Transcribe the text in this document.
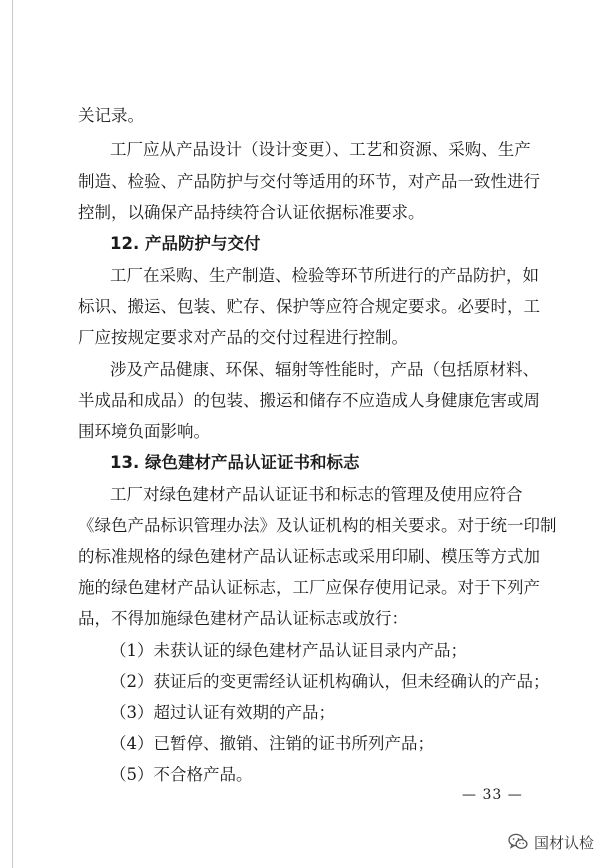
关记录。
工厂应从产品设计（设计变更）、工艺和资源、采购、生产
制造、检验、产品防护与交付等适用的环节，对产品一致性进行
控制，以确保产品持续符合认证依据标准要求。
12. 产品防护与交付
工厂在采购、生产制造、检验等环节所进行的产品防护，如
标识、搬运、包装、贮存、保护等应符合规定要求。必要时，工
厂应按规定要求对产品的交付过程进行控制。
涉及产品健康、环保、辐射等性能时，产品（包括原材料、
半成品和成品）的包装、搬运和储存不应造成人身健康危害或周
围环境负面影响。
13. 绿色建材产品认证证书和标志
工厂对绿色建材产品认证证书和标志的管理及使用应符合
《绿色产品标识管理办法》及认证机构的相关要求。对于统一印制
的标准规格的绿色建材产品认证标志或采用印刷、模压等方式加
施的绿色建材产品认证标志，工厂应保存使用记录。对于下列产
品，不得加施绿色建材产品认证标志或放行：
（1）未获认证的绿色建材产品认证目录内产品；
（2）获证后的变更需经认证机构确认，但未经确认的产品；
（3）超过认证有效期的产品；
（4）已暂停、撤销、注销的证书所列产品；
（5）不合格产品。
— 33 —
国材认检
